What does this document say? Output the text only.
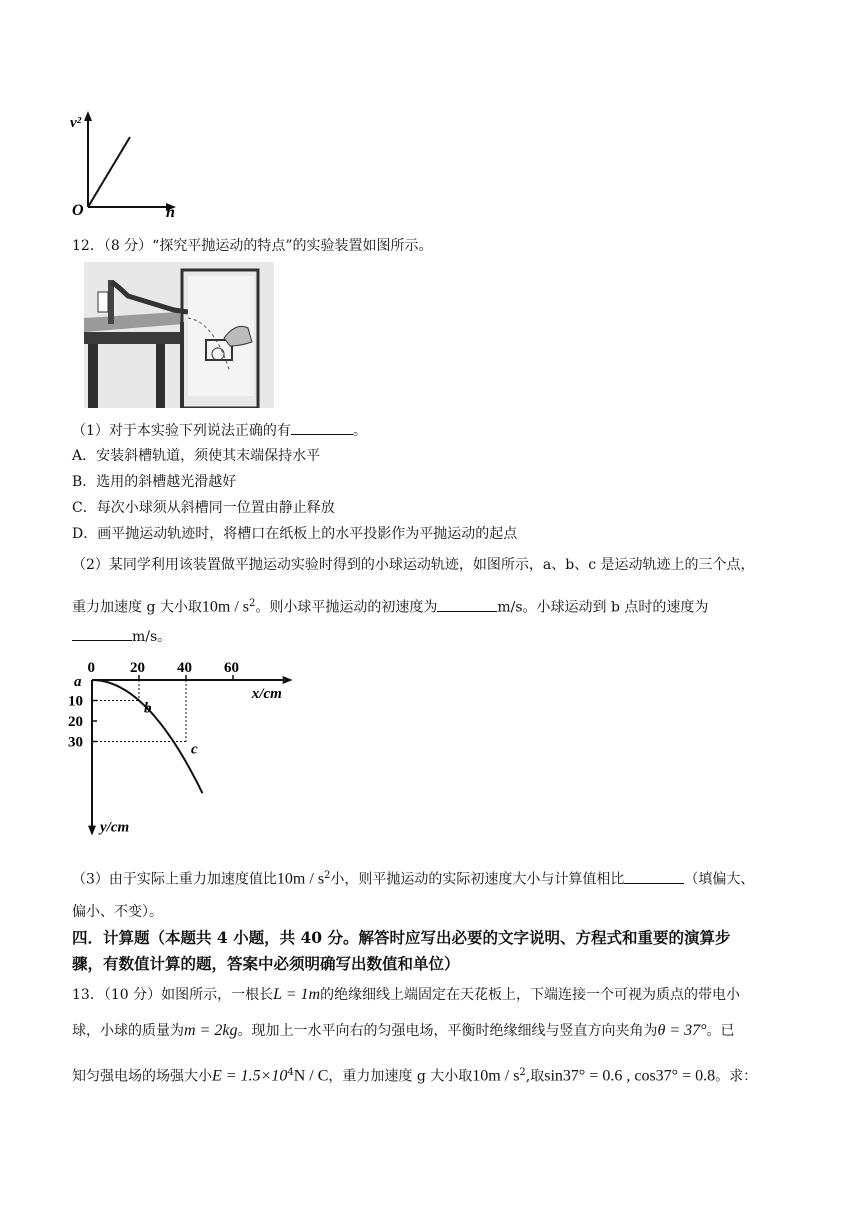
v²
h
O
12．（8 分）“探究平抛运动的特点”的实验装置如图所示。
（1）对于本实验下列说法正确的有	。
A．安装斜槽轨道，须使其末端保持水平
B．选用的斜槽越光滑越好
C．每次小球须从斜槽同一位置由静止释放
D．画平抛运动轨迹时，将槽口在纸板上的水平投影作为平抛运动的起点
（2）某同学利用该装置做平抛运动实验时得到的小球运动轨迹，如图所示，a、b、c 是运动轨迹上的三个点，
重力加速度 g 大小取$10m / s^2$。则小球平抛运动的初速度为	m/s。小球运动到 b 点时的速度为
m/s。
0 20 40 60
10
20
30
a
b
c
x/cm
y/cm
（3）由于实际上重力加速度值比$10m / s^2$小，则平抛运动的实际初速度大小与计算值相比	（填偏大、
偏小、不变）。
四．计算题（本题共 4 小题，共 40 分。解答时应写出必要的文字说明、方程式和重要的演算步
骤，有数值计算的题，答案中必须明确写出数值和单位）
13．（10 分）如图所示，一根长L = 1m的绝缘细线上端固定在天花板上，下端连接一个可视为质点的带电小
球，小球的质量为m = 2kg。现加上一水平向右的匀强电场，平衡时绝缘细线与竖直方向夹角为θ = 37°。已
知匀强电场的场强大小$E = 1.5\times 10^4N / C$，重力加速度 g 大小取$10m / s^2$,取sin37° = 0.6 , cos37° = 0.8。求：
